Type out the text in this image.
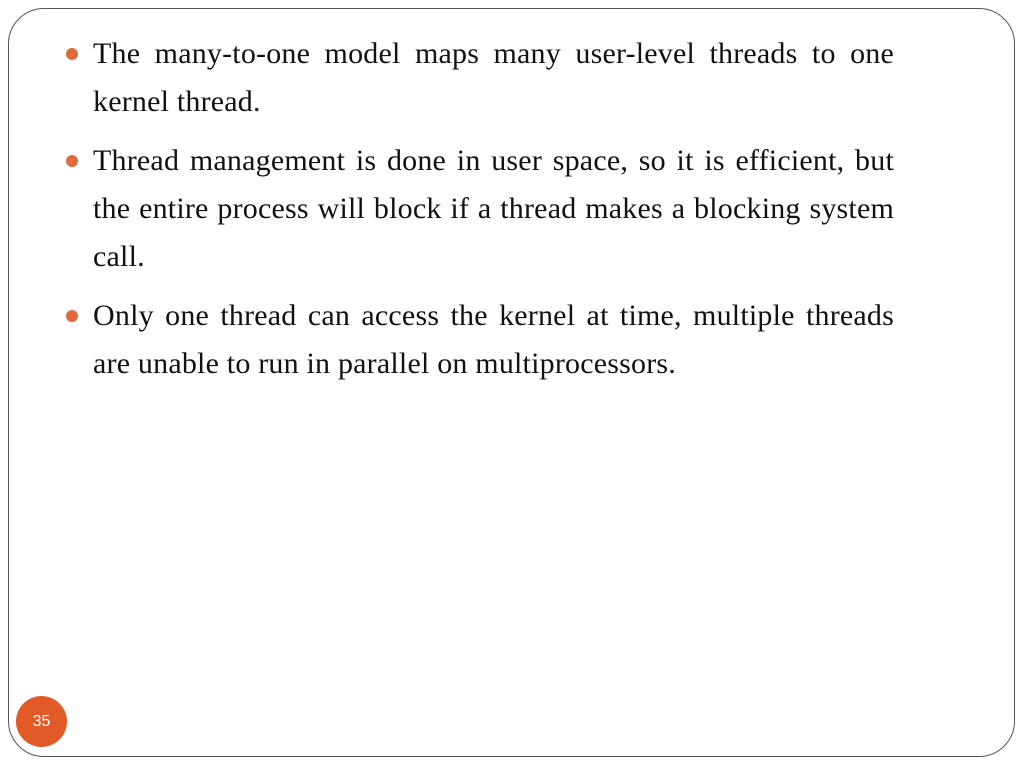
The many-to-one model maps many user-level threads to one kernel thread.
Thread management is done in user space, so it is efficient, but the entire process will block if a thread makes a blocking system call.
Only one thread can access the kernel at time, multiple threads are unable to run in parallel on multiprocessors.
35
